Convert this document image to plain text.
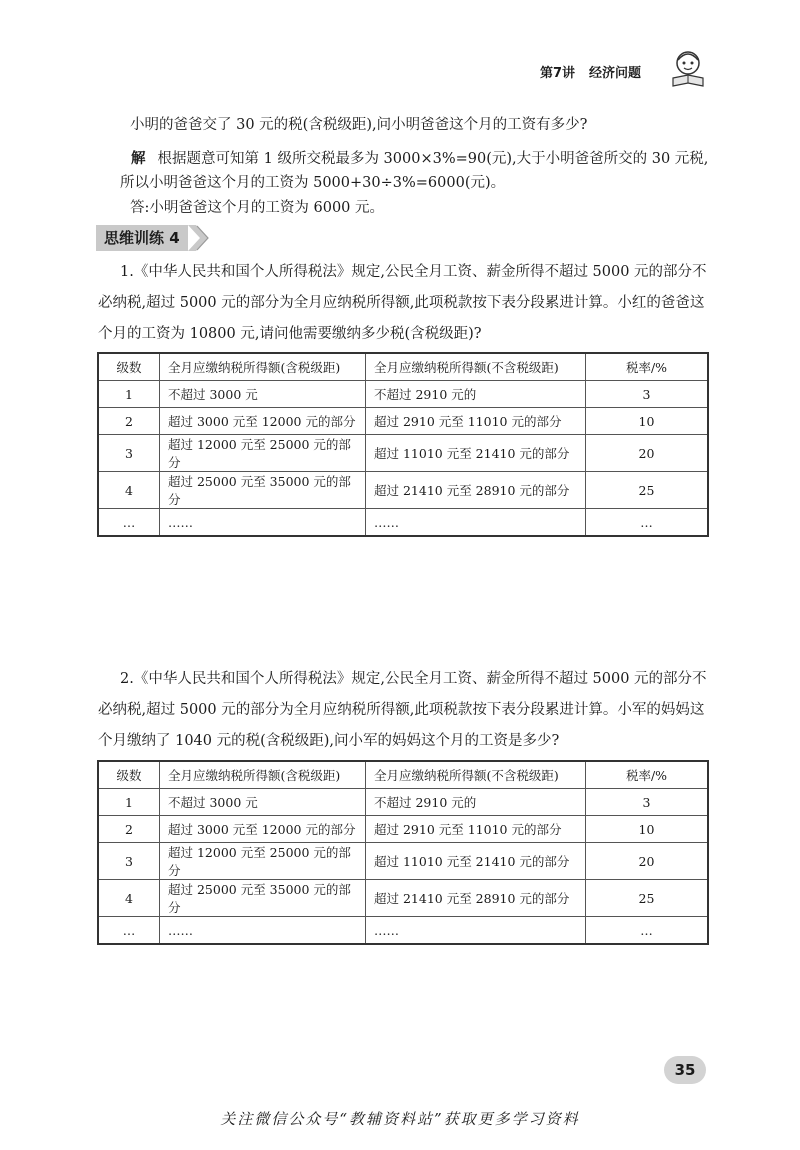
第7讲 经济问题

小明的爸爸交了 30 元的税(含税级距),问小明爸爸这个月的工资有多少?

解 根据题意可知第 1 级所交税最多为 3000×3%=90(元),大于小明爸爸所交的 30 元税,所以小明爸爸这个月的工资为 5000+30÷3%=6000(元)。

答:小明爸爸这个月的工资为 6000 元。

思维训练 4

1.《中华人民共和国个人所得税法》规定,公民全月工资、薪金所得不超过 5000 元的部分不必纳税,超过 5000 元的部分为全月应纳税所得额,此项税款按下表分段累进计算。小红的爸爸这个月的工资为 10800 元,请问他需要缴纳多少税(含税级距)?

级数	全月应缴纳税所得额(含税级距)	全月应缴纳税所得额(不含税级距)	税率/%
1	不超过 3000 元	不超过 2910 元的	3
2	超过 3000 元至 12000 元的部分	超过 2910 元至 11010 元的部分	10
3	超过 12000 元至 25000 元的部分	超过 11010 元至 21410 元的部分	20
4	超过 25000 元至 35000 元的部分	超过 21410 元至 28910 元的部分	25
…	……	……	…

2.《中华人民共和国个人所得税法》规定,公民全月工资、薪金所得不超过 5000 元的部分不必纳税,超过 5000 元的部分为全月应纳税所得额,此项税款按下表分段累进计算。小军的妈妈这个月缴纳了 1040 元的税(含税级距),问小军的妈妈这个月的工资是多少?

级数	全月应缴纳税所得额(含税级距)	全月应缴纳税所得额(不含税级距)	税率/%
1	不超过 3000 元	不超过 2910 元的	3
2	超过 3000 元至 12000 元的部分	超过 2910 元至 11010 元的部分	10
3	超过 12000 元至 25000 元的部分	超过 11010 元至 21410 元的部分	20
4	超过 25000 元至 35000 元的部分	超过 21410 元至 28910 元的部分	25
…	……	……	…
35
关注微信公众号“教辅资料站”获取更多学习资料
